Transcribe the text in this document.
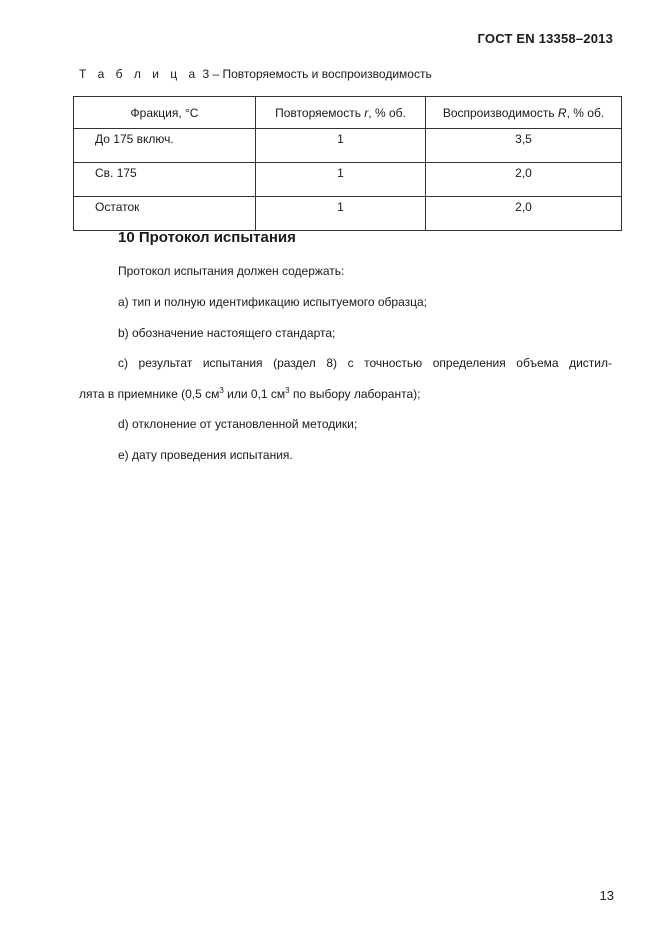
ГОСТ EN 13358–2013
Т а б л и ц а 3 – Повторяемость и воспроизводимость
Фракция, °С	Повторяемость r, % об.	Воспроизводимость R, % об.
До 175 включ.	1	3,5
Св. 175	1	2,0
Остаток	1	2,0
10 Протокол испытания
Протокол испытания должен содержать:
a) тип и полную идентификацию испытуемого образца;
b) обозначение настоящего стандарта;
c) результат испытания (раздел 8) с точностью определения объема дистил-
лята в приемнике (0,5 $см^3$ или 0,1 $см^3$ по выбору лаборанта);
d) отклонение от установленной методики;
e) дату проведения испытания.
13
